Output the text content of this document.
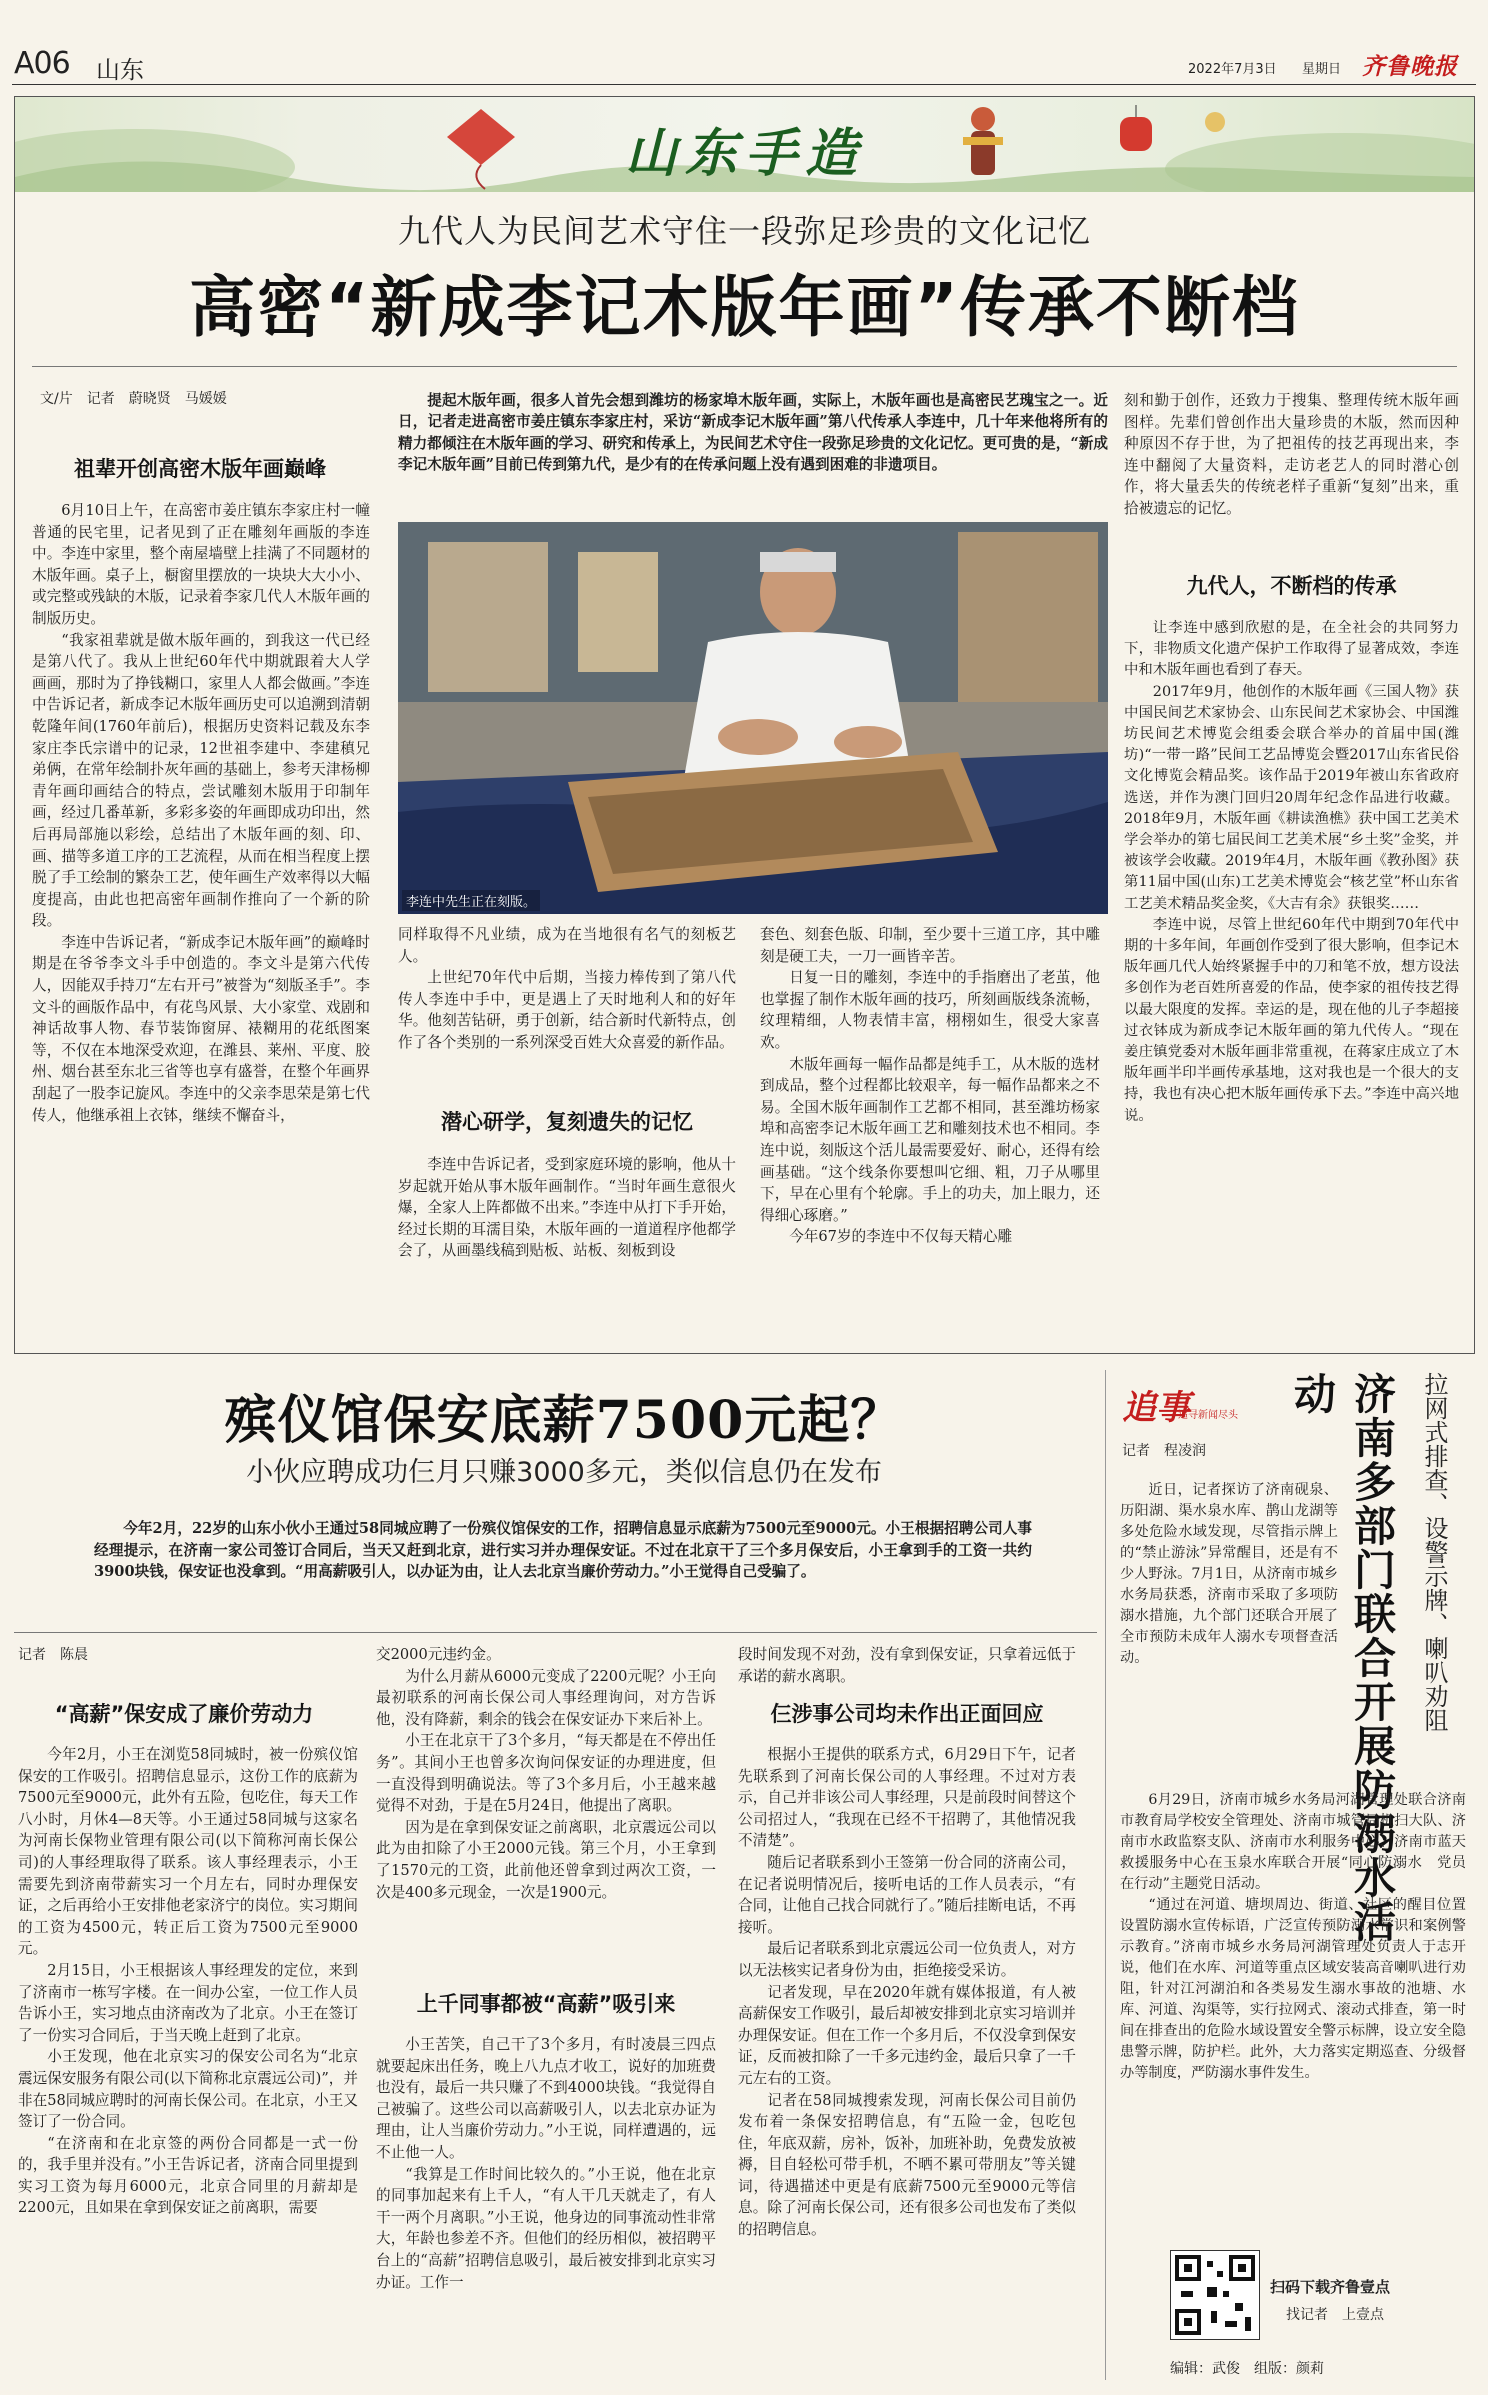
A06 山东	2022年7月3日 星期日 齐鲁晚报
山东手造
九代人为民间艺术守住一段弥足珍贵的文化记忆
高密“新成李记木版年画”传承不断档
文/片　记者　蔚晓贤　马媛媛
祖辈开创高密木版年画巅峰

6月10日上午，在高密市姜庄镇东李家庄村一幢普通的民宅里，记者见到了正在雕刻年画版的李连中。李连中家里，整个南屋墙壁上挂满了不同题材的木版年画。桌子上，橱窗里摆放的一块块大大小小、或完整或残缺的木版，记录着李家几代人木版年画的制版历史。

“我家祖辈就是做木版年画的，到我这一代已经是第八代了。我从上世纪60年代中期就跟着大人学画画，那时为了挣钱糊口，家里人人都会做画。”李连中告诉记者，新成李记木版年画历史可以追溯到清朝乾隆年间(1760年前后)，根据历史资料记载及东李家庄李氏宗谱中的记录，12世祖李建中、李建稹兄弟俩，在常年绘制扑灰年画的基础上，参考天津杨柳青年画印画结合的特点，尝试雕刻木版用于印制年画，经过几番革新，多彩多姿的年画即成功印出，然后再局部施以彩绘，总结出了木版年画的刻、印、画、描等多道工序的工艺流程，从而在相当程度上摆脱了手工绘制的繁杂工艺，使年画生产效率得以大幅度提高，由此也把高密年画制作推向了一个新的阶段。

李连中告诉记者，“新成李记木版年画”的巅峰时期是在爷爷李文斗手中创造的。李文斗是第六代传人，因能双手持刀“左右开弓”被誉为“刻版圣手”。李文斗的画版作品中，有花鸟风景、大小家堂、戏剧和神话故事人物、春节装饰窗屏、裱糊用的花纸图案等，不仅在本地深受欢迎，在潍县、莱州、平度、胶州、烟台甚至东北三省等也享有盛誉，在整个年画界刮起了一股李记旋风。李连中的父亲李思荣是第七代传人，他继承祖上衣钵，继续不懈奋斗，

提起木版年画，很多人首先会想到潍坊的杨家埠木版年画，实际上，木版年画也是高密民艺瑰宝之一。近日，记者走进高密市姜庄镇东李家庄村，采访“新成李记木版年画”第八代传承人李连中，几十年来他将所有的精力都倾注在木版年画的学习、研究和传承上，为民间艺术守住一段弥足珍贵的文化记忆。更可贵的是，“新成李记木版年画”目前已传到第九代，是少有的在传承问题上没有遇到困难的非遗项目。

李连中先生正在刻版。

同样取得不凡业绩，成为在当地很有名气的刻板艺人。

上世纪70年代中后期，当接力棒传到了第八代传人李连中手中，更是遇上了天时地利人和的好年华。他刻苦钻研，勇于创新，结合新时代新特点，创作了各个类别的一系列深受百姓大众喜爱的新作品。

潜心研学，复刻遗失的记忆

李连中告诉记者，受到家庭环境的影响，他从十岁起就开始从事木版年画制作。“当时年画生意很火爆，全家人上阵都做不出来。”李连中从打下手开始，经过长期的耳濡目染，木版年画的一道道程序他都学会了，从画墨线稿到贴板、站板、刻板到设

套色、刻套色版、印制，至少要十三道工序，其中雕刻是硬工夫，一刀一画皆辛苦。

日复一日的雕刻，李连中的手指磨出了老茧，他也掌握了制作木版年画的技巧，所刻画版线条流畅，纹理精细，人物表情丰富，栩栩如生，很受大家喜欢。

木版年画每一幅作品都是纯手工，从木版的选材到成品，整个过程都比较艰辛，每一幅作品都来之不易。全国木版年画制作工艺都不相同，甚至潍坊杨家埠和高密李记木版年画工艺和雕刻技术也不相同。李连中说，刻版这个活儿最需要爱好、耐心，还得有绘画基础。“这个线条你要想叫它细、粗，刀子从哪里下，早在心里有个轮廓。手上的功夫，加上眼力，还得细心琢磨。”

今年67岁的李连中不仅每天精心雕

刻和勤于创作，还致力于搜集、整理传统木版年画图样。先辈们曾创作出大量珍贵的木版，然而因种种原因不存于世，为了把祖传的技艺再现出来，李连中翻阅了大量资料，走访老艺人的同时潜心创作，将大量丢失的传统老样子重新“复刻”出来，重拾被遗忘的记忆。

九代人，不断档的传承

让李连中感到欣慰的是，在全社会的共同努力下，非物质文化遗产保护工作取得了显著成效，李连中和木版年画也看到了春天。

2017年9月，他创作的木版年画《三国人物》获中国民间艺术家协会、山东民间艺术家协会、中国潍坊民间艺术博览会组委会联合举办的首届中国(潍坊)“一带一路”民间工艺品博览会暨2017山东省民俗文化博览会精品奖。该作品于2019年被山东省政府选送，并作为澳门回归20周年纪念作品进行收藏。2018年9月，木版年画《耕读渔樵》获中国工艺美术学会举办的第七届民间工艺美术展“乡土奖”金奖，并被该学会收藏。2019年4月，木版年画《教孙图》获第11届中国(山东)工艺美术博览会“核艺堂”杯山东省工艺美术精品奖金奖，《大吉有余》获银奖……

李连中说，尽管上世纪60年代中期到70年代中期的十多年间，年画创作受到了很大影响，但李记木版年画几代人始终紧握手中的刀和笔不放，想方设法多创作为老百姓所喜爱的作品，使李家的祖传技艺得以最大限度的发挥。幸运的是，现在他的儿子李超接过衣钵成为新成李记木版年画的第九代传人。“现在姜庄镇党委对木版年画非常重视，在蒋家庄成立了木版年画半印半画传承基地，这对我也是一个很大的支持，我也有决心把木版年画传承下去。”李连中高兴地说。

殡仪馆保安底薪7500元起？
小伙应聘成功仨月只赚3000多元，类似信息仍在发布

今年2月，22岁的山东小伙小王通过58同城应聘了一份殡仪馆保安的工作，招聘信息显示底薪为7500元至9000元。小王根据招聘公司人事经理提示，在济南一家公司签订合同后，当天又赶到北京，进行实习并办理保安证。不过在北京干了三个多月保安后，小王拿到手的工资一共约3900块钱，保安证也没拿到。“用高薪吸引人，以办证为由，让人去北京当廉价劳动力。”小王觉得自己受骗了。

记者　陈晨
“高薪”保安成了廉价劳动力

今年2月，小王在浏览58同城时，被一份殡仪馆保安的工作吸引。招聘信息显示，这份工作的底薪为7500元至9000元，此外有五险，包吃住，每天工作八小时，月休4—8天等。小王通过58同城与这家名为河南长保物业管理有限公司(以下简称河南长保公司)的人事经理取得了联系。该人事经理表示，小王需要先到济南带薪实习一个月左右，同时办理保安证，之后再给小王安排他老家济宁的岗位。实习期间的工资为4500元，转正后工资为7500元至9000元。

2月15日，小王根据该人事经理发的定位，来到了济南市一栋写字楼。在一间办公室，一位工作人员告诉小王，实习地点由济南改为了北京。小王在签订了一份实习合同后，于当天晚上赶到了北京。

小王发现，他在北京实习的保安公司名为“北京震远保安服务有限公司(以下简称北京震远公司)”，并非在58同城应聘时的河南长保公司。在北京，小王又签订了一份合同。

“在济南和在北京签的两份合同都是一式一份的，我手里并没有。”小王告诉记者，济南合同里提到实习工资为每月6000元，北京合同里的月薪却是2200元，且如果在拿到保安证之前离职，需要

交2000元违约金。

为什么月薪从6000元变成了2200元呢？小王向最初联系的河南长保公司人事经理询问，对方告诉他，没有降薪，剩余的钱会在保安证办下来后补上。

小王在北京干了3个多月，“每天都是在不停出任务”。其间小王也曾多次询问保安证的办理进度，但一直没得到明确说法。等了3个多月后，小王越来越觉得不对劲，于是在5月24日，他提出了离职。

因为是在拿到保安证之前离职，北京震远公司以此为由扣除了小王2000元钱。第三个月，小王拿到了1570元的工资，此前他还曾拿到过两次工资，一次是400多元现金，一次是1900元。

上千同事都被“高薪”吸引来

小王苦笑，自己干了3个多月，有时凌晨三四点就要起床出任务，晚上八九点才收工，说好的加班费也没有，最后一共只赚了不到4000块钱。“我觉得自己被骗了。这些公司以高薪吸引人，以去北京办证为理由，让人当廉价劳动力。”小王说，同样遭遇的，远不止他一人。

“我算是工作时间比较久的。”小王说，他在北京的同事加起来有上千人，“有人干几天就走了，有人干一两个月离职。”小王说，他身边的同事流动性非常大，年龄也参差不齐。但他们的经历相似，被招聘平台上的“高薪”招聘信息吸引，最后被安排到北京实习办证。工作一

段时间发现不对劲，没有拿到保安证，只拿着远低于承诺的薪水离职。

仨涉事公司均未作出正面回应

根据小王提供的联系方式，6月29日下午，记者先联系到了河南长保公司的人事经理。不过对方表示，自己并非该公司人事经理，只是前段时间替这个公司招过人，“我现在已经不干招聘了，其他情况我不清楚”。

随后记者联系到小王签第一份合同的济南公司，在记者说明情况后，接听电话的工作人员表示，“有合同，让他自己找合同就行了。”随后挂断电话，不再接听。

最后记者联系到北京震远公司一位负责人，对方以无法核实记者身份为由，拒绝接受采访。

记者发现，早在2020年就有媒体报道，有人被高薪保安工作吸引，最后却被安排到北京实习培训并办理保安证。但在工作一个多月后，不仅没拿到保安证，反而被扣除了一千多元违约金，最后只拿了一千元左右的工资。

记者在58同城搜索发现，河南长保公司目前仍发布着一条保安招聘信息，有“五险一金，包吃包住，年底双薪，房补，饭补，加班补助，免费发放被褥，目自轻松可带手机，不晒不累可带朋友”等关键词，待遇描述中更是有底薪7500元至9000元等信息。除了河南长保公司，还有很多公司也发布了类似的招聘信息。

追事
追寻新闻尽头
记者　程凌润	济南多部门联合开展防溺水活动	拉网式排查、设警示牌、喇叭劝阻

近日，记者探访了济南砚泉、历阳湖、渠水泉水库、鹊山龙湖等多处危险水域发现，尽管指示牌上的“禁止游泳”异常醒目，还是有不少人野泳。7月1日，从济南市城乡水务局获悉，济南市采取了多项防溺水措施，九个部门还联合开展了全市预防未成年人溺水专项督查活动。

6月29日，济南市城乡水务局河湖管理处联合济南市教育局学校安全管理处、济南市城管局机扫大队、济南市水政监察支队、济南市水利服务中心、济南市蓝天救援服务中心在玉泉水库联合开展“同心防溺水　党员在行动”主题党日活动。

“通过在河道、塘坝周边、街道、社区的醒目位置设置防溺水宣传标语，广泛宣传预防溺水常识和案例警示教育。”济南市城乡水务局河湖管理处负责人于志开说，他们在水库、河道等重点区域安装高音喇叭进行劝阻，针对江河湖泊和各类易发生溺水事故的池塘、水库、河道、沟渠等，实行拉网式、滚动式排查，第一时间在排查出的危险水域设置安全警示标牌，设立安全隐患警示牌，防护栏。此外，大力落实定期巡查、分级督办等制度，严防溺水事件发生。

扫码下载齐鲁壹点
找记者　上壹点
编辑：武俊　组版：颜莉
